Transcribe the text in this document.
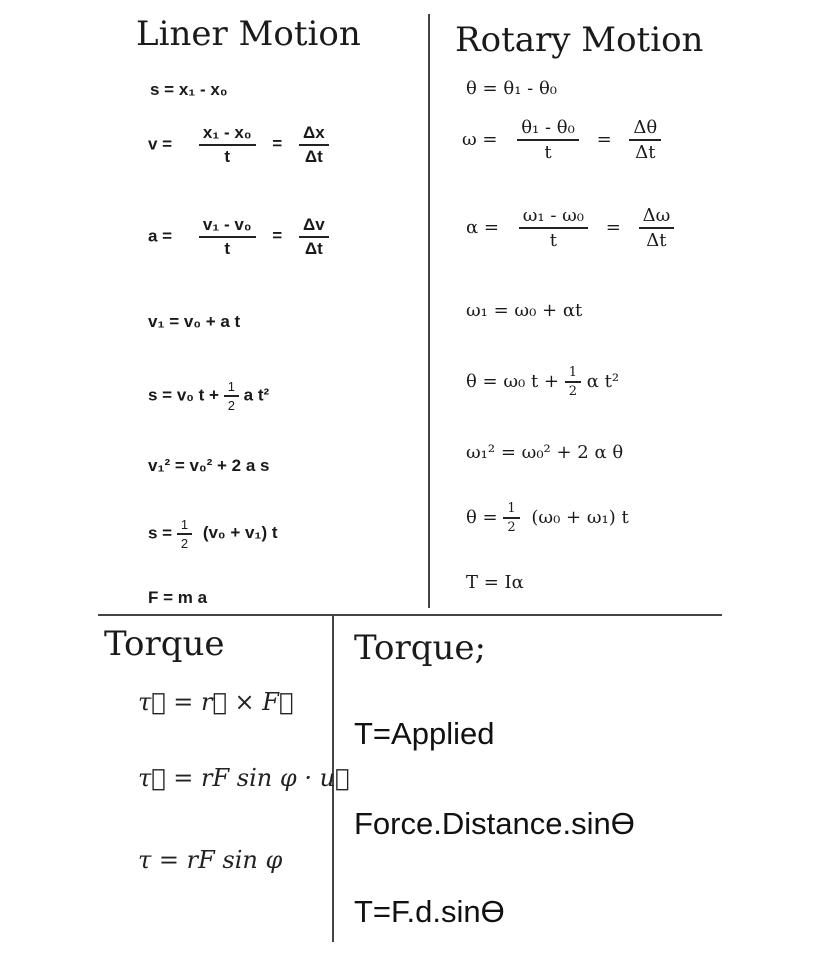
Liner Motion
s = x₁ - x₀
$v = \frac{\text{x₁ - x₀}}{t} = \frac{\Delta x}{\Delta t}$
$a = \frac{\text{v₁ - v₀}}{t} = \frac{\Delta v}{\Delta t}$
v₁ = v₀ + a t
s = v₀ $t + \frac{1}{2}$ a t²
v₁² = v₀² + 2 a s
$s = \frac{1}{2} (v_0 + v_1)$ t
F = m a
Rotary Motion
θ = θ₁ - θ₀
$\omega = \frac{\text{θ₁ - θ₀}}{t} = \frac{\Delta\theta}{\Delta t}$
$\alpha = \frac{\text{ω₁ - ω₀}}{t} = \frac{\Delta\omega}{\Delta t}$
ω₁ = ω₀ + αt
θ = ω₀ $t + \frac{1}{2}$ α t²
ω₁² = ω₀² + 2 α θ
$\theta = \frac{1}{2} (\omega_0 + \omega_1)$ t
T = Iα
Torque
τ⃗ = r⃗ × F⃗
τ⃗ = rF sin φ · u⃗
τ = rF sin φ
Torque;
T=Applied
Force.Distance.sinϴ
T=F.d.sinϴ
